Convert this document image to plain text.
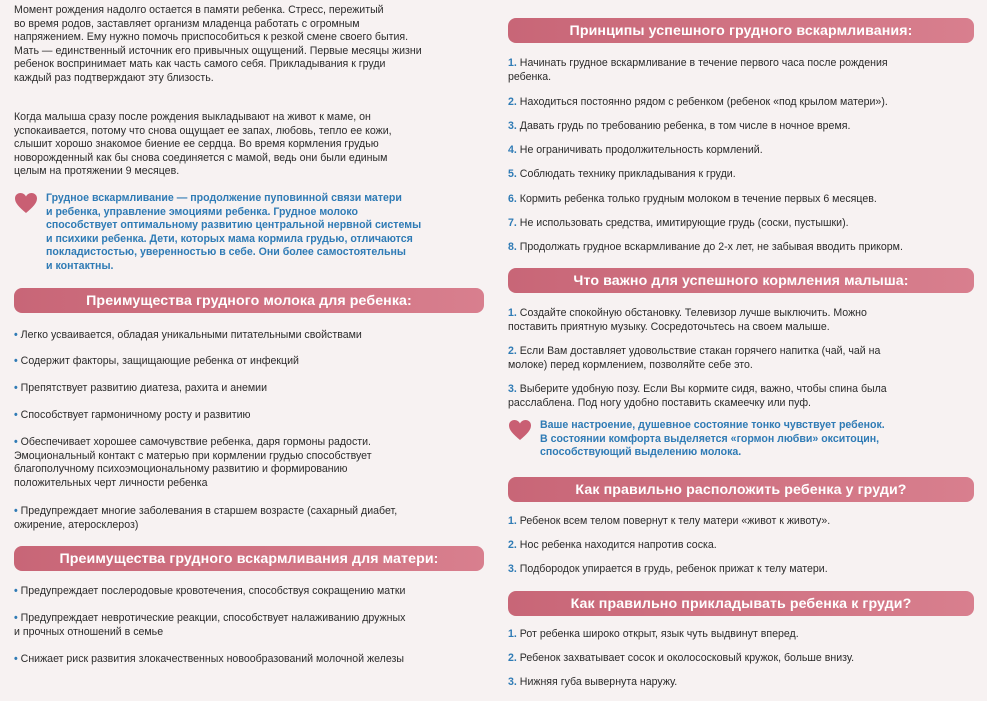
Момент рождения надолго остается в памяти ребенка. Стресс, пережитый
во время родов, заставляет организм младенца работать с огромным
напряжением. Ему нужно помочь приспособиться к резкой смене своего бытия.
Мать — единственный источник его привычных ощущений. Первые месяцы жизни
ребенок воспринимает мать как часть самого себя. Прикладывания к груди
каждый раз подтверждают эту близость.

Когда малыша сразу после рождения выкладывают на живот к маме, он
успокаивается, потому что снова ощущает ее запах, любовь, тепло ее кожи,
слышит хорошо знакомое биение ее сердца. Во время кормления грудью
новорожденный как бы снова соединяется с мамой, ведь они были единым
целым на протяжении 9 месяцев.

Грудное вскармливание — продолжение пуповинной связи матери
и ребенка, управление эмоциями ребенка. Грудное молоко
способствует оптимальному развитию центральной нервной системы
и психики ребенка. Дети, которых мама кормила грудью, отличаются
покладистостью, уверенностью в себе. Они более самостоятельны
и контактны.
Преимущества грудного молока для ребенка:
• Легко усваивается, обладая уникальными питательными свойствами
• Содержит факторы, защищающие ребенка от инфекций
• Препятствует развитию диатеза, рахита и анемии
• Способствует гармоничному росту и развитию
• Обеспечивает хорошее самочувствие ребенка, даря гормоны радости.
Эмоциональный контакт с матерью при кормлении грудью способствует
благополучному психоэмоциональному развитию и формированию
положительных черт личности ребенка
• Предупреждает многие заболевания в старшем возрасте (сахарный диабет,
ожирение, атеросклероз)
Преимущества грудного вскармливания для матери:
• Предупреждает послеродовые кровотечения, способствуя сокращению матки
• Предупреждает невротические реакции, способствует налаживанию дружных
и прочных отношений в семье
• Снижает риск развития злокачественных новообразований молочной железы
Принципы успешного грудного вскармливания:
1. Начинать грудное вскармливание в течение первого часа после рождения
ребенка.
2. Находиться постоянно рядом с ребенком (ребенок «под крылом матери»).
3. Давать грудь по требованию ребенка, в том числе в ночное время.
4. Не ограничивать продолжительность кормлений.
5. Соблюдать технику прикладывания к груди.
6. Кормить ребенка только грудным молоком в течение первых 6 месяцев.
7. Не использовать средства, имитирующие грудь (соски, пустышки).
8. Продолжать грудное вскармливание до 2-х лет, не забывая вводить прикорм.
Что важно для успешного кормления малыша:
1. Создайте спокойную обстановку. Телевизор лучше выключить. Можно
поставить приятную музыку. Сосредоточьтесь на своем малыше.
2. Если Вам доставляет удовольствие стакан горячего напитка (чай, чай на
молоке) перед кормлением, позволяйте себе это.
3. Выберите удобную позу. Если Вы кормите сидя, важно, чтобы спина была
расслаблена. Под ногу удобно поставить скамеечку или пуф.
Ваше настроение, душевное состояние тонко чувствует ребенок.
В состоянии комфорта выделяется «гормон любви» окситоцин,
способствующий выделению молока.
Как правильно расположить ребенка у груди?
1. Ребенок всем телом повернут к телу матери «живот к животу».
2. Нос ребенка находится напротив соска.
3. Подбородок упирается в грудь, ребенок прижат к телу матери.
Как правильно прикладывать ребенка к груди?
1. Рот ребенка широко открыт, язык чуть выдвинут вперед.
2. Ребенок захватывает сосок и околососковый кружок, больше внизу.
3. Нижняя губа вывернута наружу.
